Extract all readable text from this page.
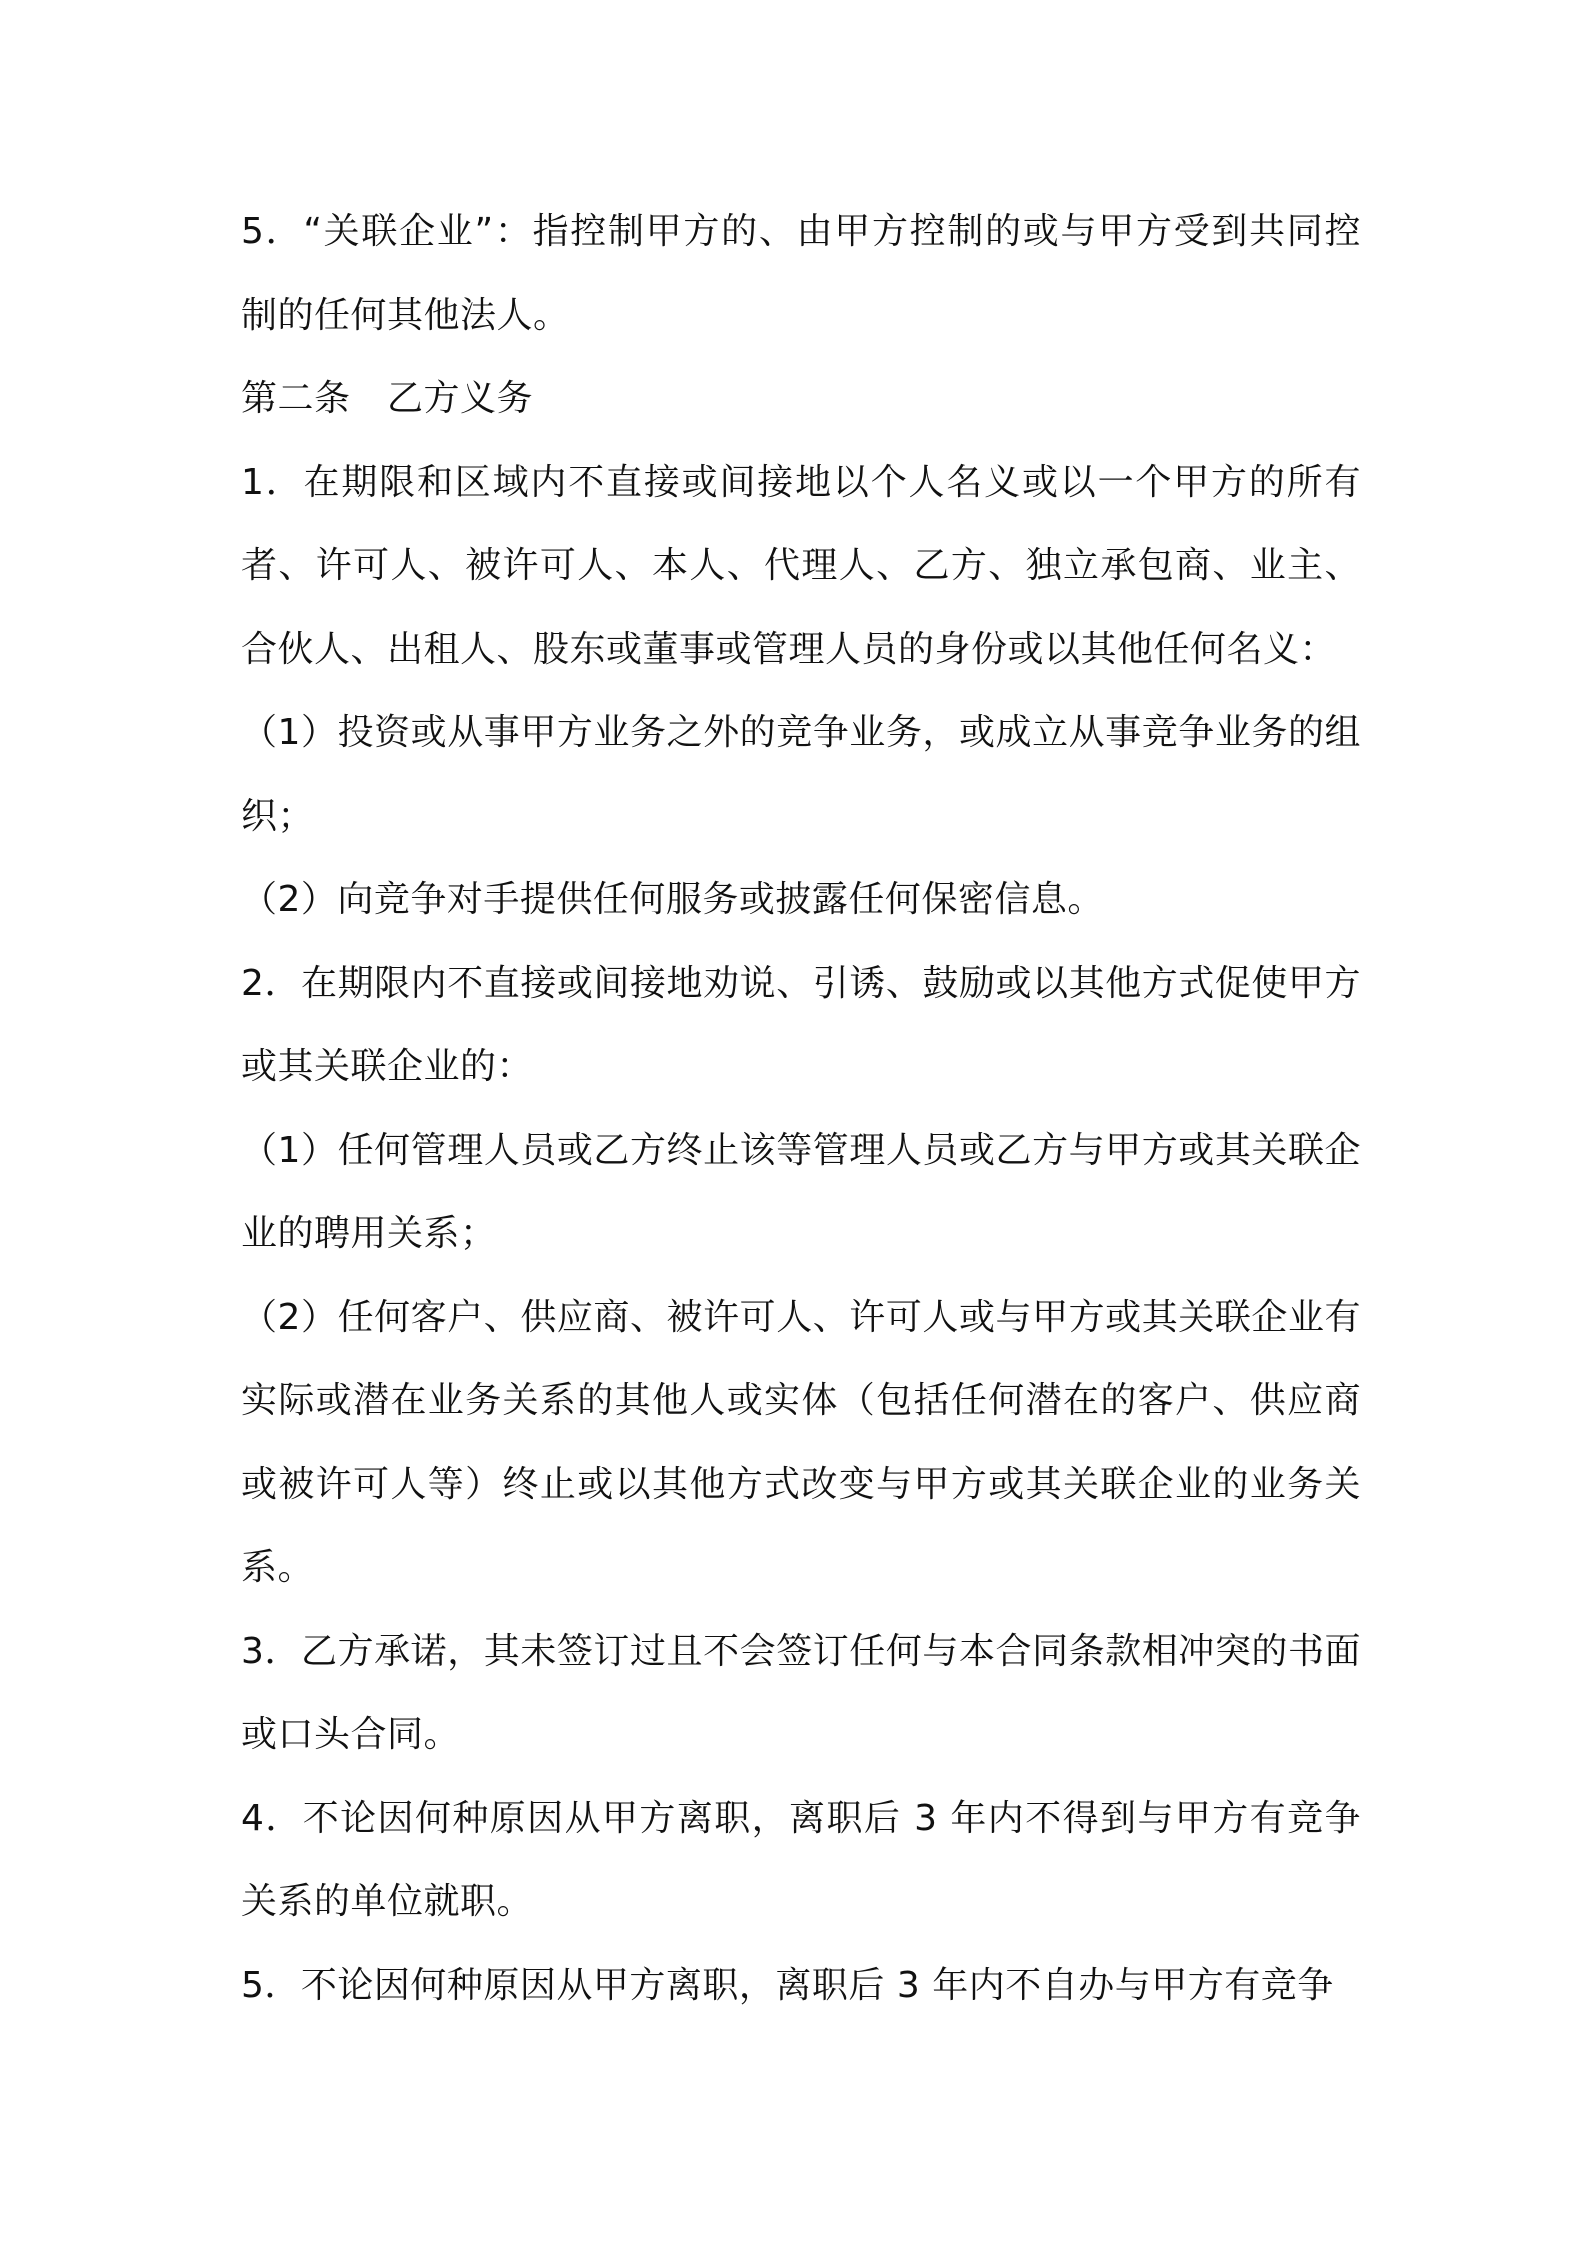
5．“关联企业”：指控制甲方的、由甲方控制的或与甲方受到共同控制的任何其他法人。

第二条　乙方义务

1．在期限和区域内不直接或间接地以个人名义或以一个甲方的所有者、许可人、被许可人、本人、代理人、乙方、独立承包商、业主、合伙人、出租人、股东或董事或管理人员的身份或以其他任何名义：

（1）投资或从事甲方业务之外的竞争业务，或成立从事竞争业务的组织；

（2）向竞争对手提供任何服务或披露任何保密信息。

2．在期限内不直接或间接地劝说、引诱、鼓励或以其他方式促使甲方或其关联企业的：

（1）任何管理人员或乙方终止该等管理人员或乙方与甲方或其关联企业的聘用关系；

（2）任何客户、供应商、被许可人、许可人或与甲方或其关联企业有实际或潜在业务关系的其他人或实体（包括任何潜在的客户、供应商或被许可人等）终止或以其他方式改变与甲方或其关联企业的业务关系。

3．乙方承诺，其未签订过且不会签订任何与本合同条款相冲突的书面或口头合同。

4．不论因何种原因从甲方离职，离职后 3 年内不得到与甲方有竞争关系的单位就职。

5．不论因何种原因从甲方离职，离职后 3 年内不自办与甲方有竞争
